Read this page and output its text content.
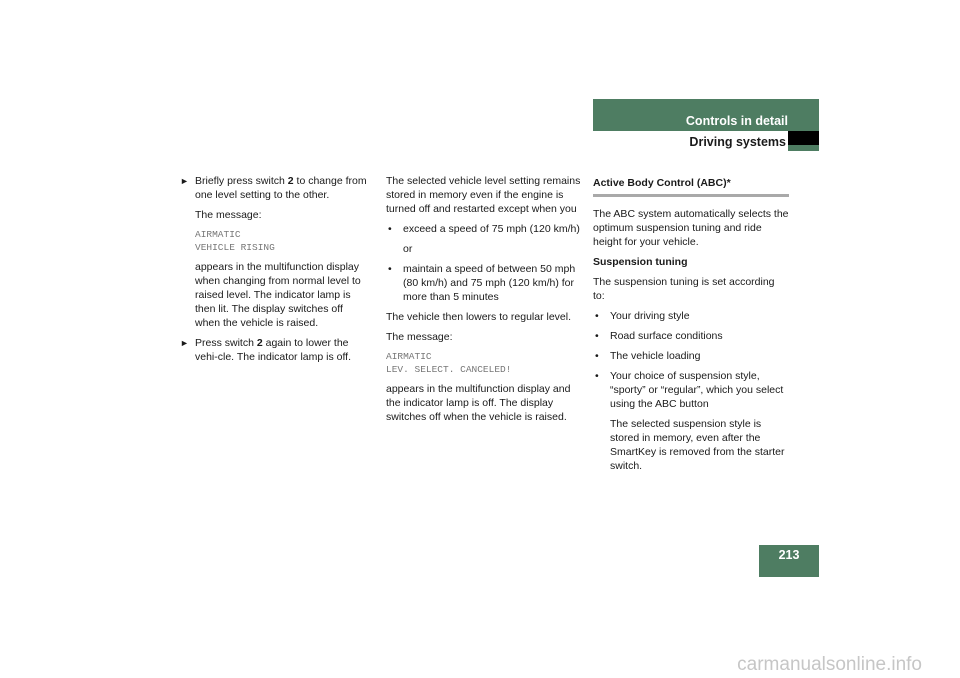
Controls in detail
Driving systems
► Briefly press switch 2 to change from one level setting to the other.

The message:

AIRMATIC
VEHICLE RISING

appears in the multifunction display when changing from normal level to raised level. The indicator lamp is then lit. The display switches off when the vehicle is raised.

► Press switch 2 again to lower the vehi-cle. The indicator lamp is off.

The selected vehicle level setting remains stored in memory even if the engine is turned off and restarted except when you

• exceed a speed of 75 mph (120 km/h)

or

• maintain a speed of between 50 mph (80 km/h) and 75 mph (120 km/h) for more than 5 minutes

The vehicle then lowers to regular level.

The message:

AIRMATIC
LEV. SELECT. CANCELED!

appears in the multifunction display and the indicator lamp is off. The display switches off when the vehicle is raised.

Active Body Control (ABC)*

The ABC system automatically selects the optimum suspension tuning and ride height for your vehicle.

Suspension tuning

The suspension tuning is set according to:

• Your driving style
• Road surface conditions
• The vehicle loading
• Your choice of suspension style, “sporty” or “regular”, which you select using the ABC button

The selected suspension style is stored in memory, even after the SmartKey is removed from the starter switch.

213
carmanualsonline.info
